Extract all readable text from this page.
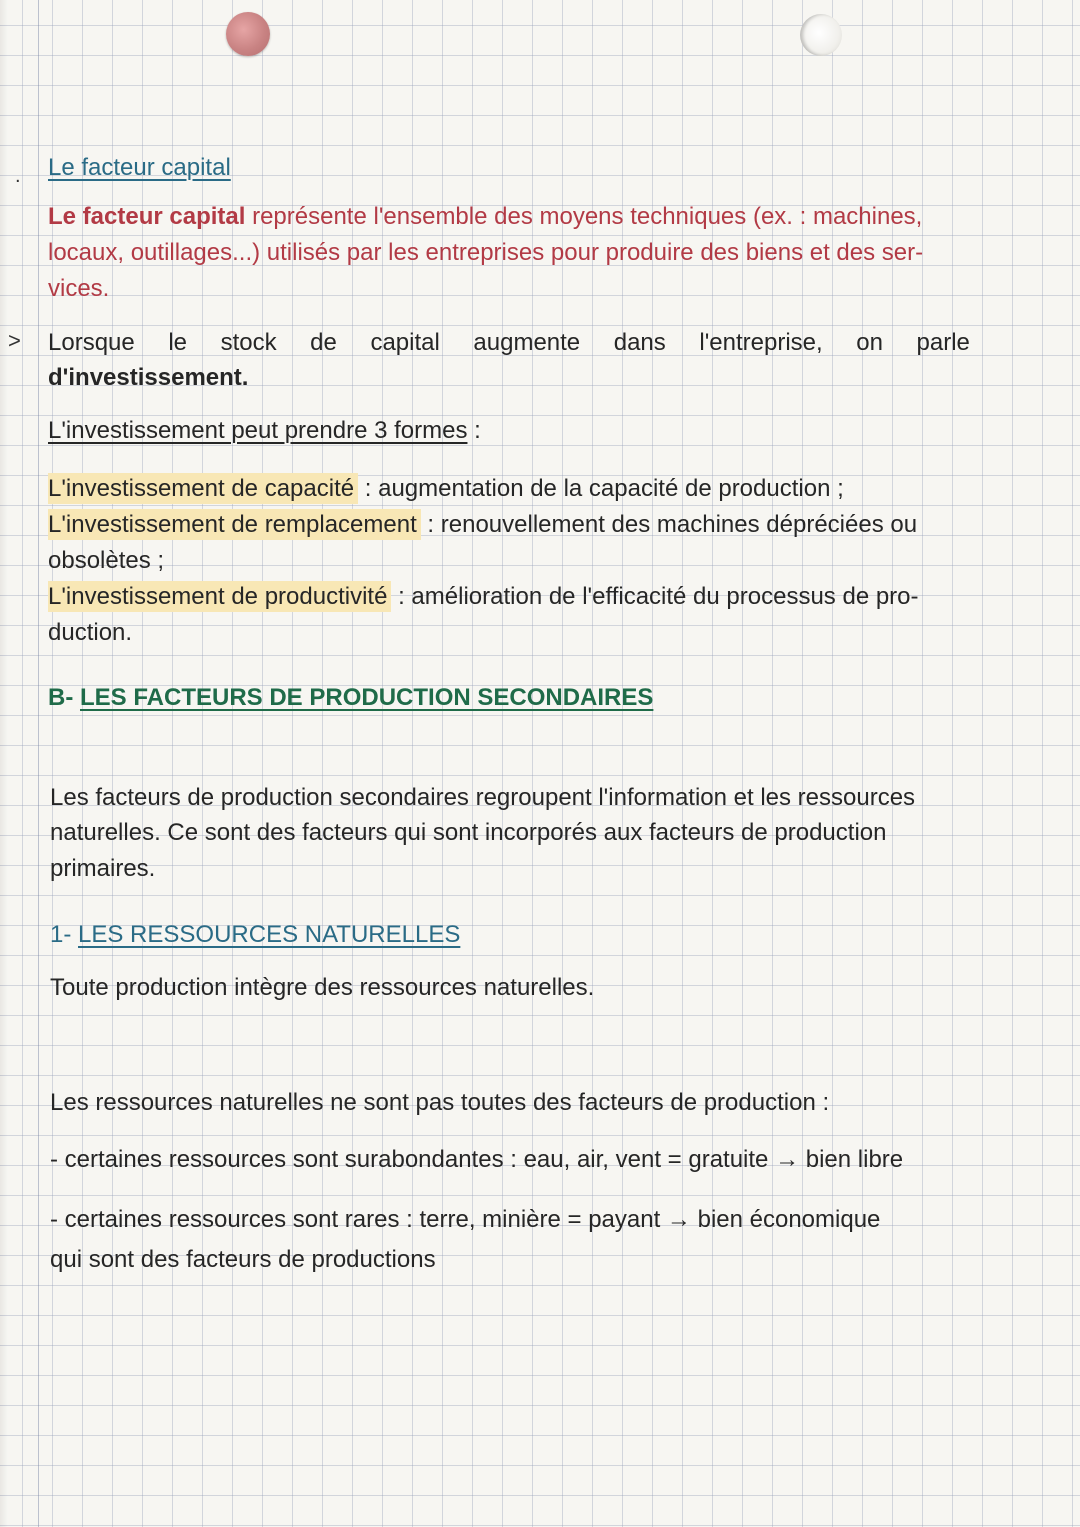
.
>
Le facteur capital
Le facteur capital représente l'ensemble des moyens techniques (ex. : machines,
locaux, outillages...) utilisés par les entreprises pour produire des biens et des ser-
vices.
Lorsque le stock de capital augmente dans l'entreprise, on parle
d'investissement.
L'investissement peut prendre 3 formes :
L'investissement de capacité : augmentation de la capacité de production ;
L'investissement de remplacement : renouvellement des machines dépréciées ou
obsolètes ;
L'investissement de productivité : amélioration de l'efficacité du processus de pro-
duction.
B- LES FACTEURS DE PRODUCTION SECONDAIRES
Les facteurs de production secondaires regroupent l'information et les ressources
naturelles. Ce sont des facteurs qui sont incorporés aux facteurs de production
primaires.
1- LES RESSOURCES NATURELLES
Toute production intègre des ressources naturelles.
Les ressources naturelles ne sont pas toutes des facteurs de production :
- certaines ressources sont surabondantes : eau, air, vent = gratuite → bien libre
- certaines ressources sont rares : terre, minière = payant → bien économique
qui sont des facteurs de productions
